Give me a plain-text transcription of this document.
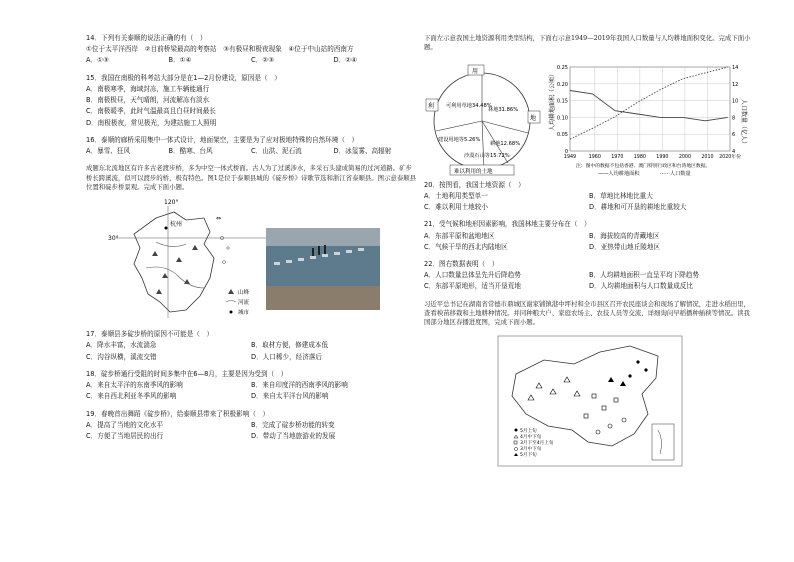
14．下列有关泰顺的说法正确的有（　）
①位于太平洋西岸　②目前桥梁最高的考察站　③有极昼和极夜现象　④位于中山站的西南方
A．①③	B．①④	C．②③	D．②④
15．我国在南极的科考站大部分是在1—2月份建设，原因是（　）
A．南极寒季，海域封冻，施工车辆能通行
B．南极极昼，天气晴朗，河流解冻有淡水
C．南极暖季，此时气温最高且白昼时间最长
D．南极极夜，常见极光，为建站施工人照明
16．泰顺的廊桥采用集中一体式设计，地面架空，主要是为了应对极地特殊的自然环境（　）
A．暴雪、狂风	B．酷寒、台风	C．山洪、泥石流	D．冰玺雾、高辐射
成题东北流地区有许多古老渡步桥，多为中空一体式桥面。古人为了过溪涉水，多采石头建成简易的过河道路。矿步桥长跨溪流，似可以渡步的桥，极有特色。图1是位于泰顺县城的《碇步桥》诗歌节选和浙江省泰顺县。图示意泰顺县位置和碇步桥景观。完成下面小题。
30°
120°
杭州
⇔
山峰
河流
城市
17．泰顺县多碇步桥的原因不可能是（　）
A．降水丰富，水流湍急	B．取材方便，修建成本低
C．沟谷纵横，溪流交错	D．人口稀少，经济落后
18．碇步桥通行受阻的时间多集中在6—8月，主要是因为受到（　）
A．来自太平洋的东南季风的影响	B．来自印度洋的西南季风的影响
C．来自西北利亚冬季风的影响	D．来自太平洋台风的影响
19．春晚首出舞蹈《碇步桥》，给泰顺县带来了积极影响（　）
A．提高了当地的文化水平	B．完成了碇步桥功能的转变
C．方便了当地居民的出行	D．带动了当地旅游业的发展
下面左示意我国土地资源利用类型结构，下面右示意1949—2019年我国人口数量与人均耕地面积变化。完成下面小题。
用
地
利 可利用草地34.48%
林地31.86%
建设用地等5.26%
沙漠石山等15.72%
耕地12.68%
难以利用的土地
人均耕地面积（公顷）	人口数量（亿人）
0
0.05
0.10
0.15
0.20
0.25
4
6
8
10
12
14
1949	1960 1970 1980 1990 2000 2010 2020年份
注：图中的数据不包括香港、澳门特别行政区和台湾地区数据。
——人均耕地面积	······人口数量
20．按图看，我国土地资源（　）
A．土地利用类型单一	B．草地比林地比重大
C．难以利用土地较小	D．耕地和可开垦的耕地比重较大
21．受气候和地形因素影响，我国林地主要分布在（　）
A．东部平原和盆地地区	B．海拔较高的青藏地区
C．气候干旱的西北内陆地区	D．亚热带山地丘陵地区
22．图右数据表明（　）
A．人口数量总体呈先升后降趋势	B．人均耕地面积一直呈平均下降趋势
C．东部平原地形，适当开垦荒地	D．人均耕地面积与人口数量成反比
习近平总书记在湖南省常德市鼎城区谢家铺镇港中坪村和全市县区召开农民座谈会和现场了解情况，走进水稻田里，查看秧苗移栽和土地耕种情况。并同种粮大户、家庭农场主、农技人员等交流，详细询问早稻播种插秧等情况。读我国部分地区春播进度图，完成下面小题。
5月上旬
4月中下旬
3月下至4月上旬
3月中下旬
5月下旬
